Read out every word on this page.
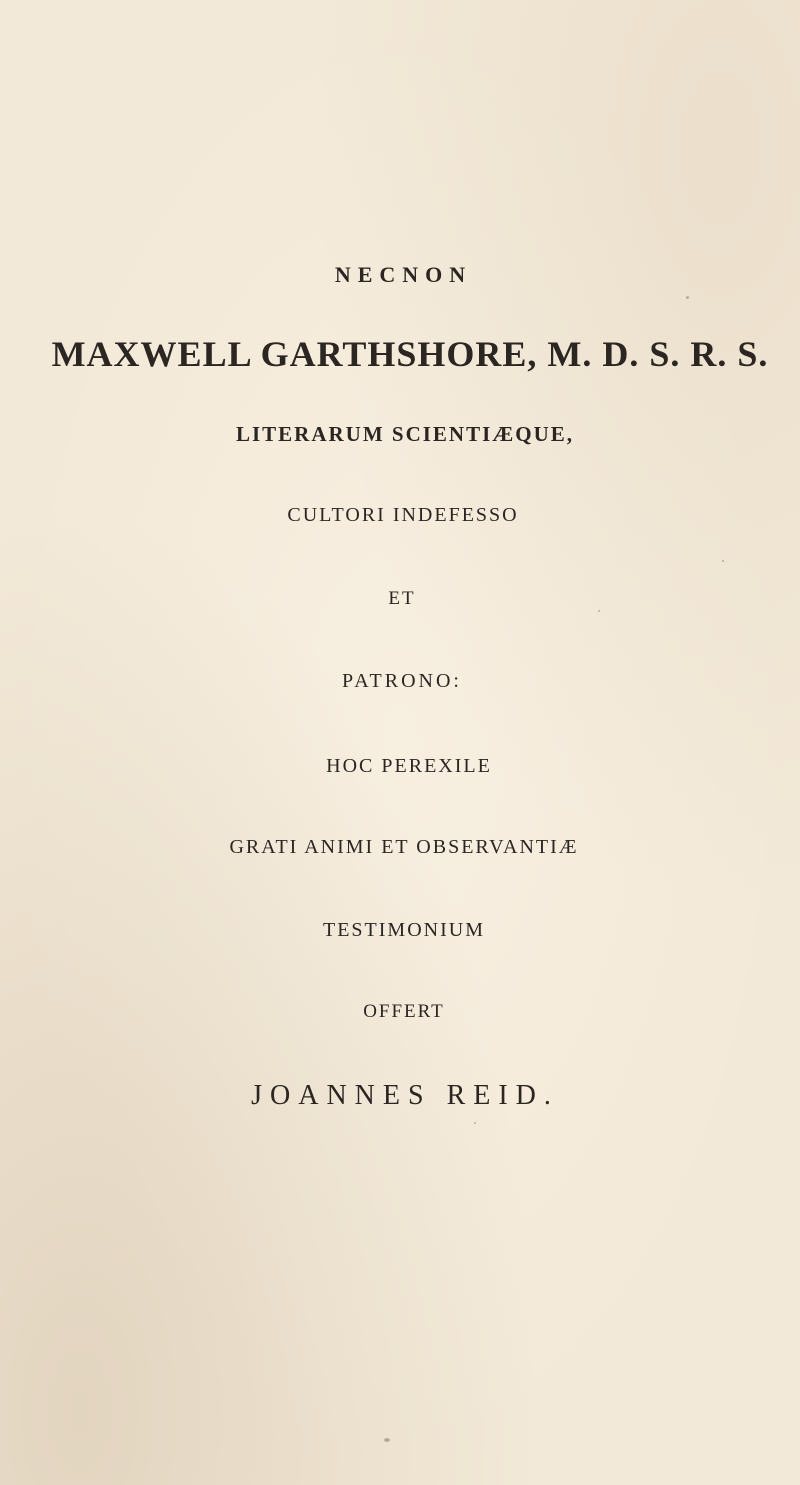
NECNON
MAXWELL GARTHSHORE, M. D. S. R. S.
LITERARUM SCIENTIÆQUE,
CULTORI INDEFESSO
ET
PATRONO:
HOC PEREXILE
GRATI ANIMI ET OBSERVANTIÆ
TESTIMONIUM
OFFERT
JOANNES REID.
